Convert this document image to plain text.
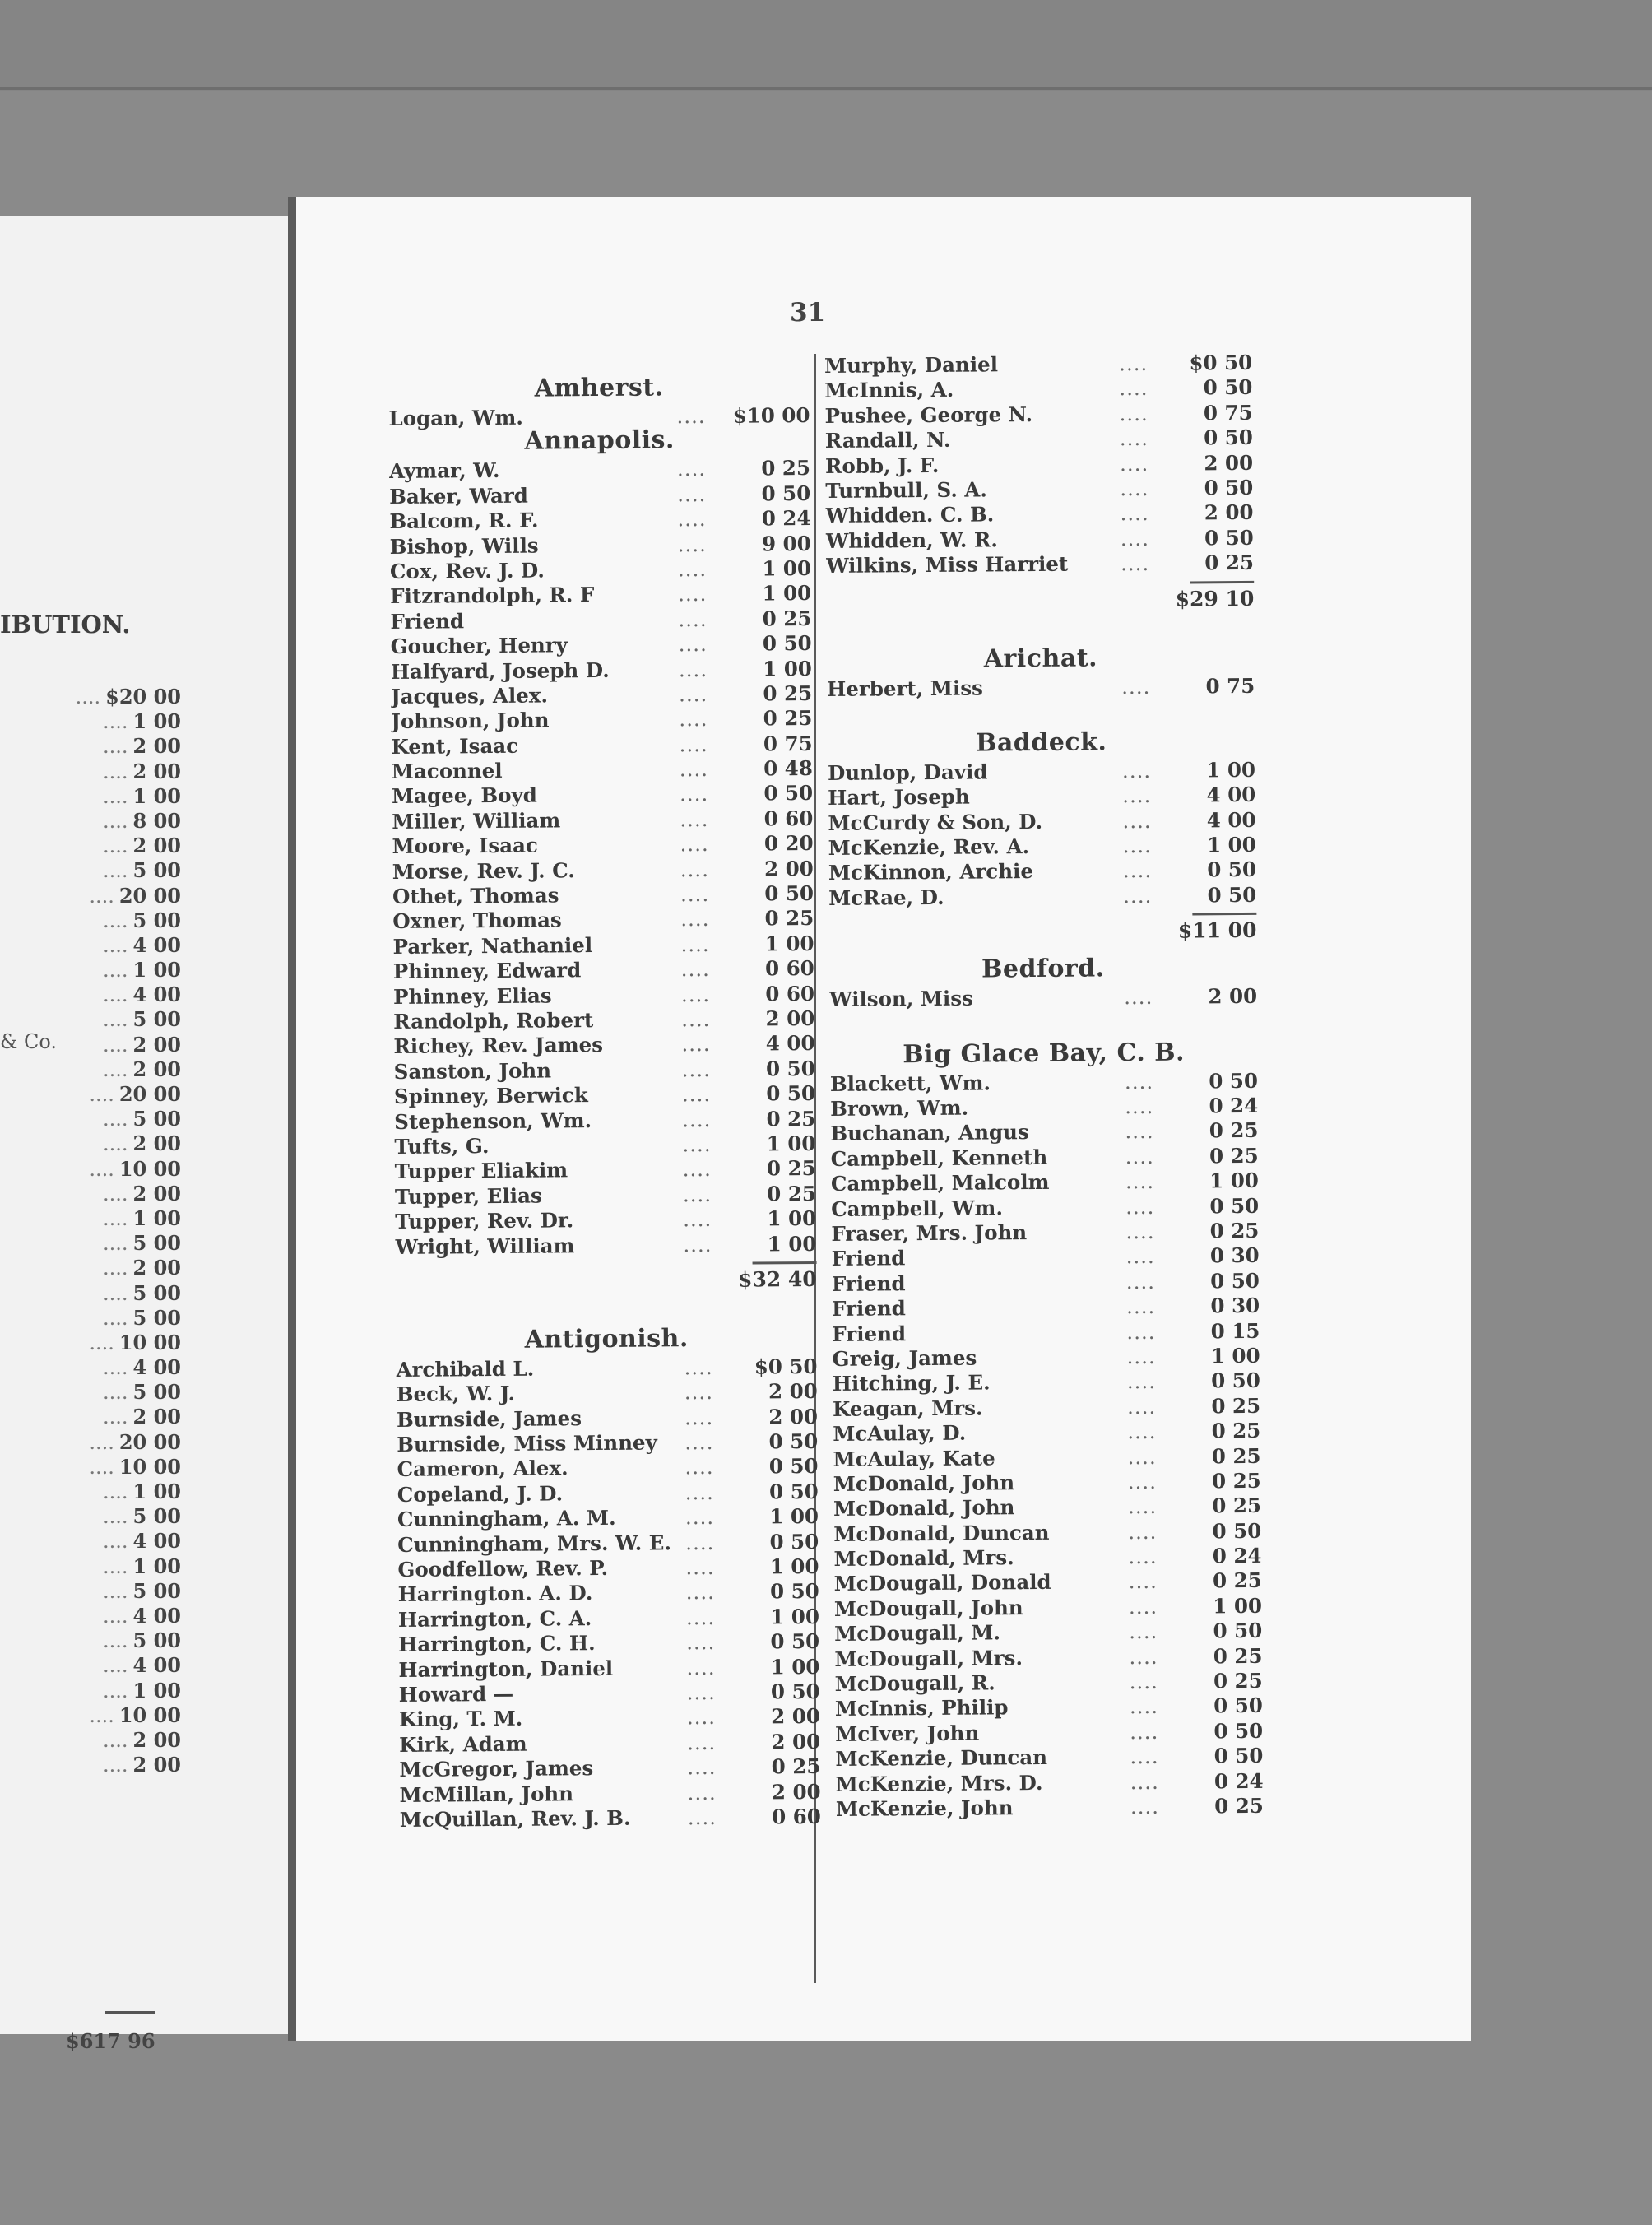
IBUTION.
& Co.
.... $20 00
.... 1 00
.... 2 00
.... 2 00
.... 1 00
.... 8 00
.... 2 00
.... 5 00
.... 20 00
.... 5 00
.... 4 00
.... 1 00
.... 4 00
.... 5 00
.... 2 00
.... 2 00
.... 20 00
.... 5 00
.... 2 00
.... 10 00
.... 2 00
.... 1 00
.... 5 00
.... 2 00
.... 5 00
.... 5 00
.... 10 00
.... 4 00
.... 5 00
.... 2 00
.... 20 00
.... 10 00
.... 1 00
.... 5 00
.... 4 00
.... 1 00
.... 5 00
.... 4 00
.... 5 00
.... 4 00
.... 1 00
.... 10 00
.... 2 00
.... 2 00
$617 96
31
Amherst.
Logan, Wm.	....	$10 00
Annapolis.
Aymar, W.	....	0 25
Baker, Ward	....	0 50
Balcom, R. F.	....	0 24
Bishop, Wills	....	9 00
Cox, Rev. J. D.	....	1 00
Fitzrandolph, R. F	....	1 00
Friend	....	0 25
Goucher, Henry	....	0 50
Halfyard, Joseph D.	....	1 00
Jacques, Alex.	....	0 25
Johnson, John	....	0 25
Kent, Isaac	....	0 75
Maconnel	....	0 48
Magee, Boyd	....	0 50
Miller, William	....	0 60
Moore, Isaac	....	0 20
Morse, Rev. J. C.	....	2 00
Othet, Thomas	....	0 50
Oxner, Thomas	....	0 25
Parker, Nathaniel	....	1 00
Phinney, Edward	....	0 60
Phinney, Elias	....	0 60
Randolph, Robert	....	2 00
Richey, Rev. James	....	4 00
Sanston, John	....	0 50
Spinney, Berwick	....	0 50
Stephenson, Wm.	....	0 25
Tufts, G.	....	1 00
Tupper Eliakim	....	0 25
Tupper, Elias	....	0 25
Tupper, Rev. Dr.	....	1 00
Wright, William	....	1 00
$32 40
Antigonish.
Archibald L.	....	$0 50
Beck, W. J.	....	2 00
Burnside, James	....	2 00
Burnside, Miss Minney	....	0 50
Cameron, Alex.	....	0 50
Copeland, J. D.	....	0 50
Cunningham, A. M.	....	1 00
Cunningham, Mrs. W. E. ....	0 50
Goodfellow, Rev. P.	....	1 00
Harrington. A. D.	....	0 50
Harrington, C. A.	....	1 00
Harrington, C. H.	....	0 50
Harrington, Daniel	....	1 00
Howard —	....	0 50
King, T. M.	....	2 00
Kirk, Adam	....	2 00
McGregor, James	....	0 25
McMillan, John	....	2 00
McQuillan, Rev. J. B.	....	0 60
Murphy, Daniel	....	$0 50
McInnis, A.	....	0 50
Pushee, George N.	....	0 75
Randall, N.	....	0 50
Robb, J. F.	....	2 00
Turnbull, S. A.	....	0 50
Whidden. C. B.	....	2 00
Whidden, W. R.	....	0 50
Wilkins, Miss Harriet	....	0 25
$29 10
Arichat.
Herbert, Miss	....	0 75
Baddeck.
Dunlop, David	....	1 00
Hart, Joseph	....	4 00
McCurdy & Son, D.	....	4 00
McKenzie, Rev. A.	....	1 00
McKinnon, Archie	....	0 50
McRae, D.	....	0 50
$11 00
Bedford.
Wilson, Miss	....	2 00
Big Glace Bay, C. B.
Blackett, Wm.	....	0 50
Brown, Wm.	....	0 24
Buchanan, Angus	....	0 25
Campbell, Kenneth	....	0 25
Campbell, Malcolm	....	1 00
Campbell, Wm.	....	0 50
Fraser, Mrs. John	....	0 25
Friend	....	0 30
Friend	....	0 50
Friend	....	0 30
Friend	....	0 15
Greig, James	....	1 00
Hitching, J. E.	....	0 50
Keagan, Mrs.	....	0 25
McAulay, D.	....	0 25
McAulay, Kate	....	0 25
McDonald, John	....	0 25
McDonald, John	....	0 25
McDonald, Duncan	....	0 50
McDonald, Mrs.	....	0 24
McDougall, Donald	....	0 25
McDougall, John	....	1 00
McDougall, M.	....	0 50
McDougall, Mrs.	....	0 25
McDougall, R.	....	0 25
McInnis, Philip	....	0 50
McIver, John	....	0 50
McKenzie, Duncan	....	0 50
McKenzie, Mrs. D.	....	0 24
McKenzie, John	....	0 25
